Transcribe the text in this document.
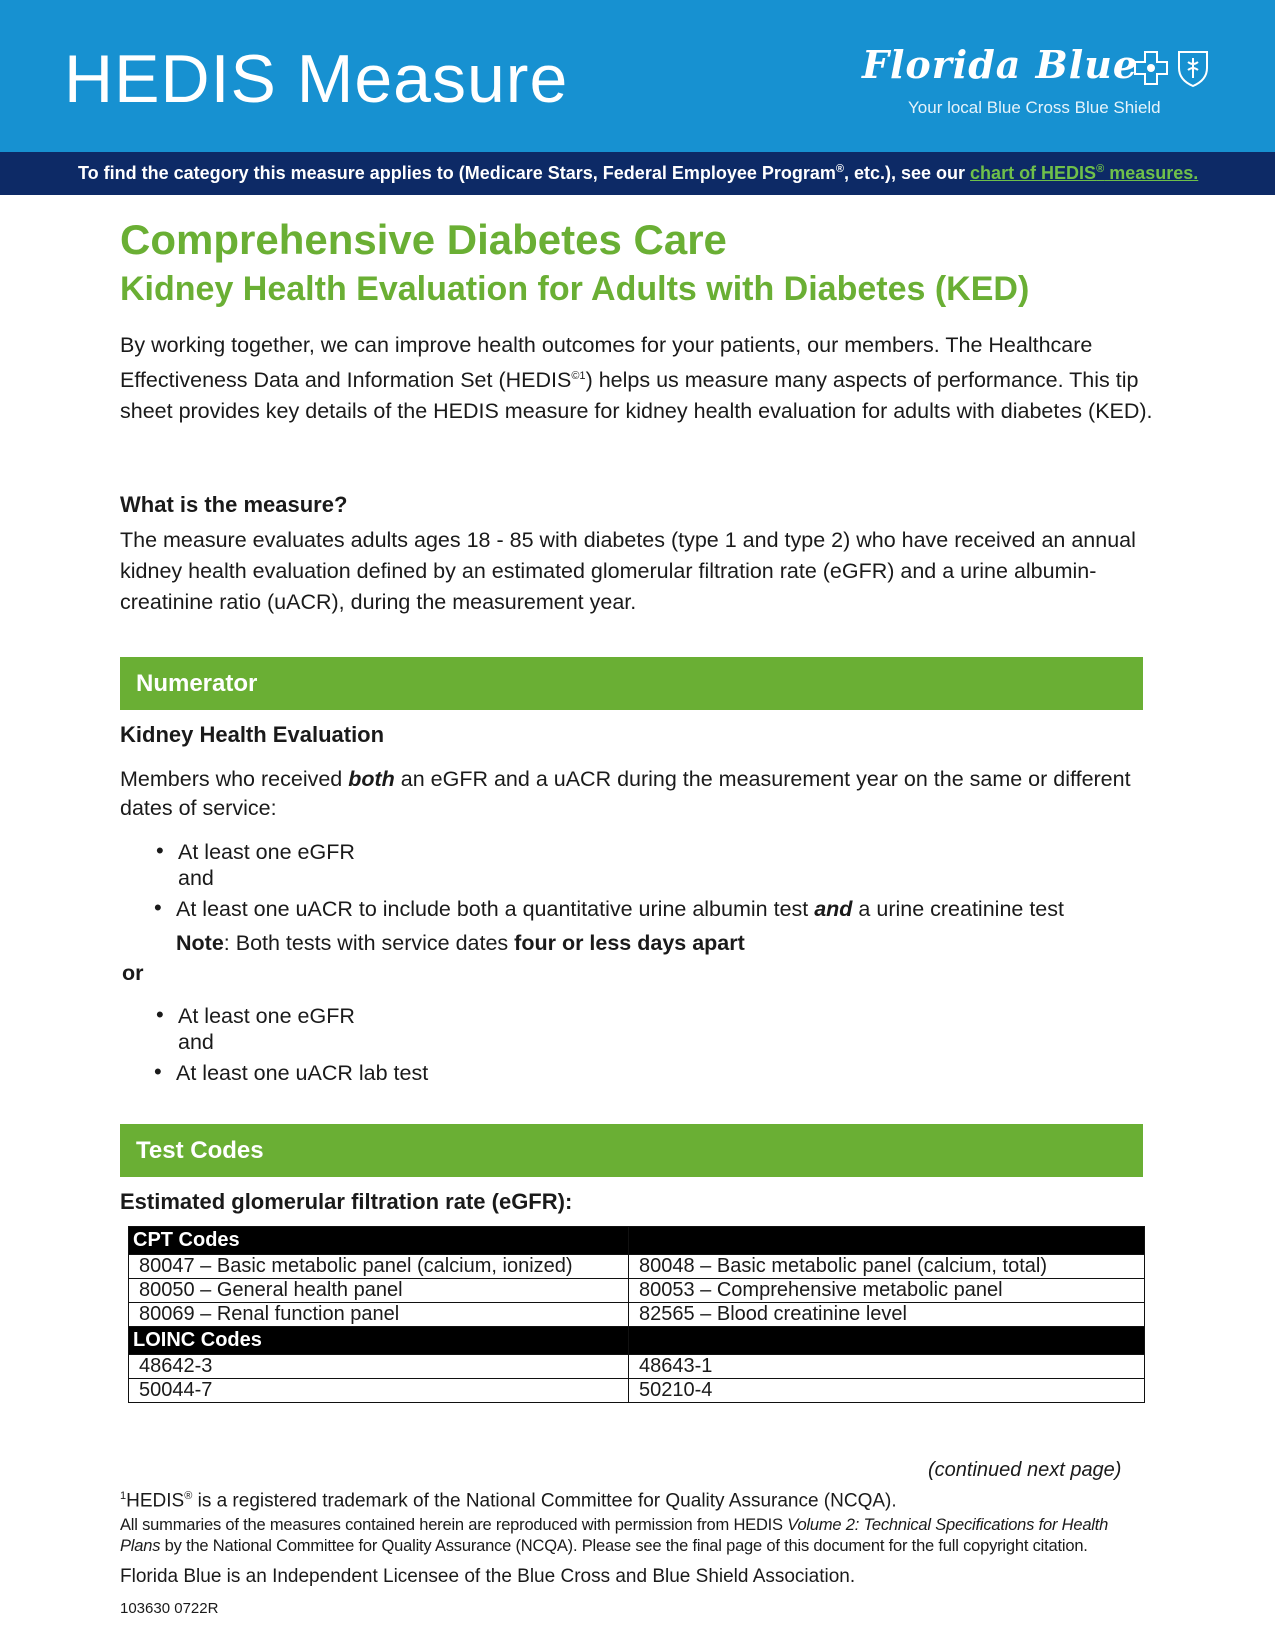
HEDIS Measure	Florida Blue
Your local Blue Cross Blue Shield
To find the category this measure applies to (Medicare Stars, Federal Employee Program®, etc.), see our chart of HEDIS® measures.
Comprehensive Diabetes Care
Kidney Health Evaluation for Adults with Diabetes (KED)
By working together, we can improve health outcomes for your patients, our members. The Healthcare Effectiveness Data and Information Set $(HEDIS^{©1})$ helps us measure many aspects of performance. This tip sheet provides key details of the HEDIS measure for kidney health evaluation for adults with diabetes (KED).
What is the measure?
The measure evaluates adults ages 18 - 85 with diabetes (type 1 and type 2) who have received an annual kidney health evaluation defined by an estimated glomerular filtration rate (eGFR) and a urine albumin-creatinine ratio (uACR), during the measurement year.
Numerator
Kidney Health Evaluation
Members who received both an eGFR and a uACR during the measurement year on the same or different dates of service:
• At least one eGFR
and
• At least one uACR to include both a quantitative urine albumin test and a urine creatinine test
Note: Both tests with service dates four or less days apart
or
• At least one eGFR
and
• At least one uACR lab test
Test Codes
Estimated glomerular filtration rate (eGFR):
CPT Codes	
80047 – Basic metabolic panel (calcium, ionized)	80048 – Basic metabolic panel (calcium, total)
80050 – General health panel	80053 – Comprehensive metabolic panel
80069 – Renal function panel	82565 – Blood creatinine level
LOINC Codes	
48642-3	48643-1
50044-7	50210-4
(continued next page)
$^1$HEDIS® is a registered trademark of the National Committee for Quality Assurance (NCQA).
All summaries of the measures contained herein are reproduced with permission from HEDIS Volume 2: Technical Specifications for Health Plans by the National Committee for Quality Assurance (NCQA). Please see the final page of this document for the full copyright citation.
Florida Blue is an Independent Licensee of the Blue Cross and Blue Shield Association.
103630 0722R
